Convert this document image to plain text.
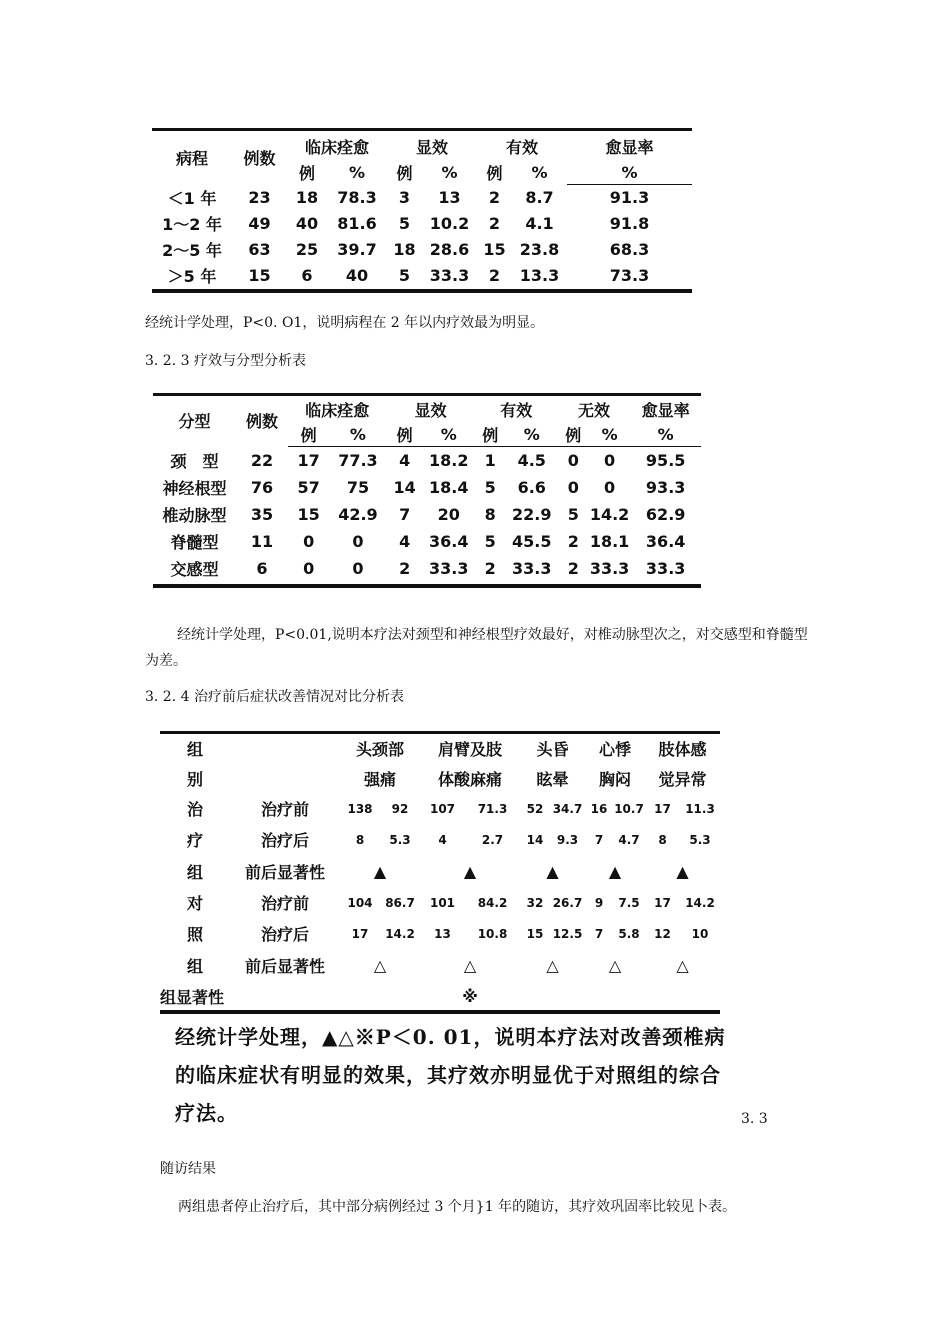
病程	例数	临床痊愈		显效		有效		愈显率
		例	%	例	%	例	%	%
＜1 年	23	18	78.3	3	13	2	8.7	91.3
1～2 年	49	40	81.6	5	10.2	2	4.1	91.8
2～5 年	63	25	39.7	18	28.6	15	23.8	68.3
＞5 年	15	6	40	5	33.3	2	13.3	73.3
经统计学处理，P<0. O1，说明病程在 2 年以内疗效最为明显。
3. 2. 3 疗效与分型分析表
分型	例数	临床痊愈		显效		有效		无效		愈显率
		例	%	例	%	例	%	例	%	%
颈　型	22	17	77.3	4	18.2	1	4.5	0	0	95.5
神经根型	76	57	75	14	18.4	5	6.6	0	0	93.3
椎动脉型	35	15	42.9	7	20	8	22.9	5	14.2	62.9
脊髓型	11	0	0	4	36.4	5	45.5	2	18.1	36.4
交感型	6	0	0	2	33.3	2	33.3	2	33.3	33.3
经统计学处理，P<0.01,说明本疗法对颈型和神经根型疗效最好，对椎动脉型次之，对交感型和脊髓型为差。
3. 2. 4 治疗前后症状改善情况对比分析表
组		头颈部		肩臂及肢		头昏		心悸		肢体感	
别		强痛		体酸麻痛		眩晕		胸闷		觉异常	
治	治疗前	138	92	107	71.3	52	34.7	16	10.7	17	11.3
疗	治疗后	8	5.3	4	2.7	14	9.3	7	4.7	8	5.3
组	前后显著性	▲		▲		▲		▲		▲	
对	治疗前	104	86.7	101	84.2	32	26.7	9	7.5	17	14.2
照	治疗后	17	14.2	13	10.8	15	12.5	7	5.8	12	10
组	前后显著性	△		△		△		△		△	
组显著性				※							
经统计学处理，▲△※P＜0. 01，说明本疗法对改善颈椎病的临床症状有明显的效果，其疗效亦明显优于对照组的综合疗法。	3. 3
随访结果
两组患者停止治疗后，其中部分病例经过 3 个月}1 年的随访，其疗效巩固率比较见卜表。
